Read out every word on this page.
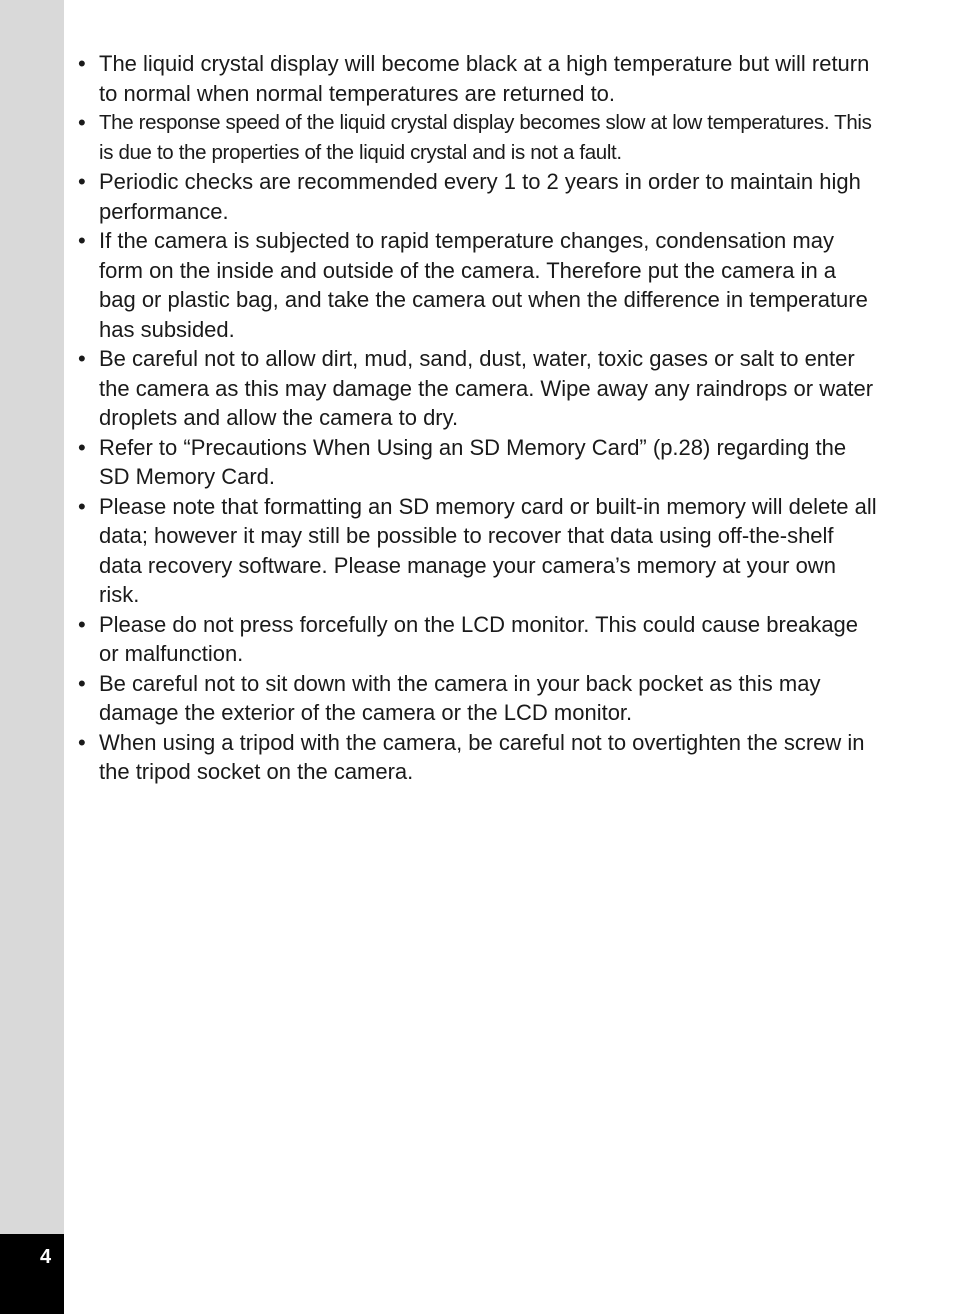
4
• The liquid crystal display will become black at a high temperature but will return to normal when normal temperatures are returned to.
• The response speed of the liquid crystal display becomes slow at low temperatures. This is due to the properties of the liquid crystal and is not a fault.
• Periodic checks are recommended every 1 to 2 years in order to maintain high performance.
• If the camera is subjected to rapid temperature changes, condensation may form on the inside and outside of the camera. Therefore put the camera in a bag or plastic bag, and take the camera out when the difference in temperature has subsided.
• Be careful not to allow dirt, mud, sand, dust, water, toxic gases or salt to enter the camera as this may damage the camera. Wipe away any raindrops or water droplets and allow the camera to dry.
• Refer to “Precautions When Using an SD Memory Card” (p.28) regarding the SD Memory Card.
• Please note that formatting an SD memory card or built-in memory will delete all data; however it may still be possible to recover that data using off-the-shelf data recovery software. Please manage your camera’s memory at your own risk.
• Please do not press forcefully on the LCD monitor. This could cause breakage or malfunction.
• Be careful not to sit down with the camera in your back pocket as this may damage the exterior of the camera or the LCD monitor.
• When using a tripod with the camera, be careful not to overtighten the screw in the tripod socket on the camera.
